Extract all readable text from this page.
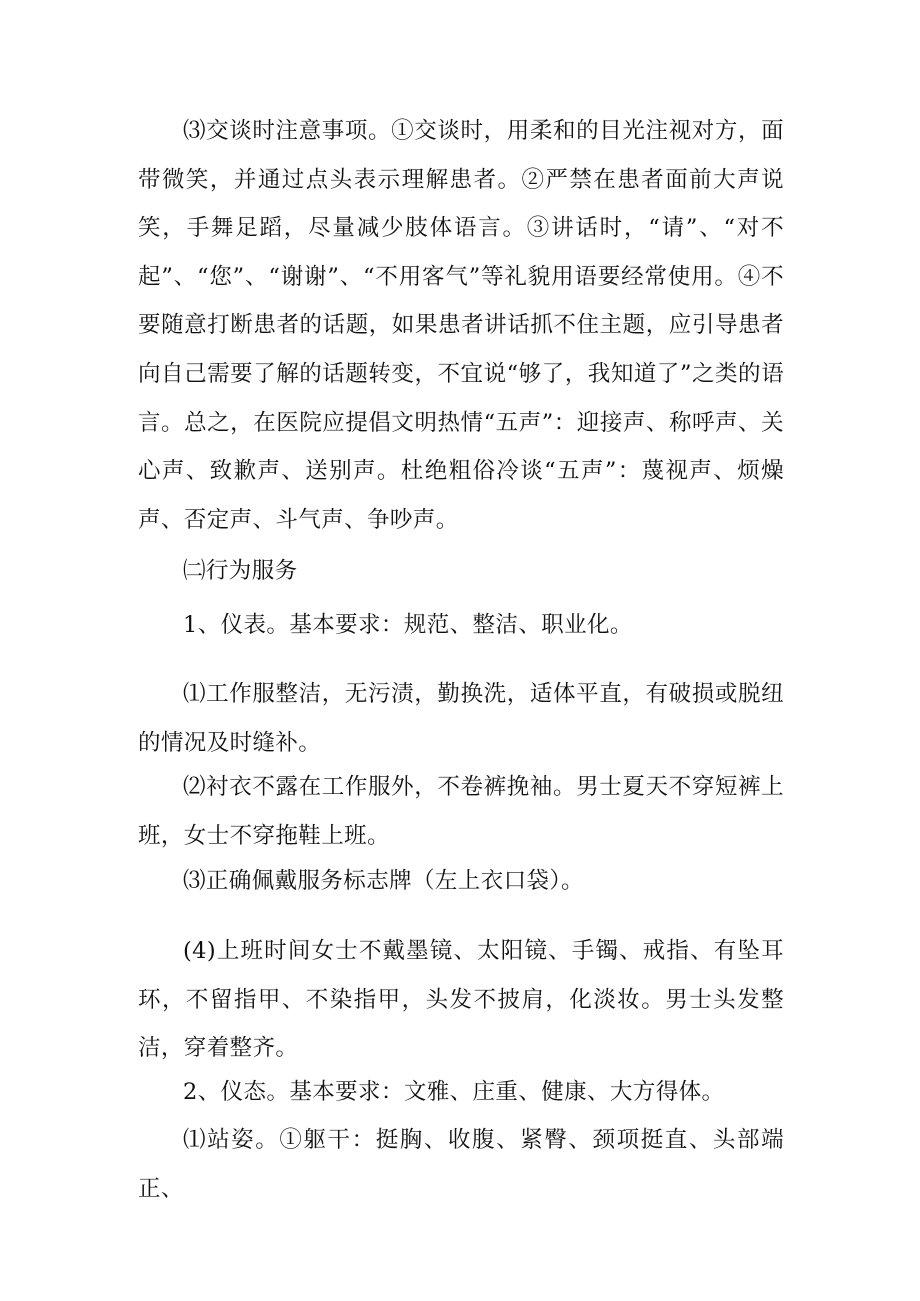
⑶交谈时注意事项。①交谈时，用柔和的目光注视对方，面带微笑，并通过点头表示理解患者。②严禁在患者面前大声说笑，手舞足蹈，尽量减少肢体语言。③讲话时，“请”、“对不起”、“您”、“谢谢”、“不用客气”等礼貌用语要经常使用。④不要随意打断患者的话题，如果患者讲话抓不住主题，应引导患者向自己需要了解的话题转变，不宜说“够了，我知道了”之类的语言。总之，在医院应提倡文明热情“五声”：迎接声、称呼声、关心声、致歉声、送别声。杜绝粗俗冷谈“五声”：蔑视声、烦燥声、否定声、斗气声、争吵声。

㈡行为服务

1、仪表。基本要求：规范、整洁、职业化。

⑴工作服整洁，无污渍，勤换洗，适体平直，有破损或脱纽的情况及时缝补。

⑵衬衣不露在工作服外，不卷裤挽袖。男士夏天不穿短裤上班，女士不穿拖鞋上班。

⑶正确佩戴服务标志牌（左上衣口袋）。

(4)上班时间女士不戴墨镜、太阳镜、手镯、戒指、有坠耳环，不留指甲、不染指甲，头发不披肩，化淡妆。男士头发整洁，穿着整齐。

2、仪态。基本要求：文雅、庄重、健康、大方得体。

⑴站姿。①躯干：挺胸、收腹、紧臀、颈项挺直、头部端正、
